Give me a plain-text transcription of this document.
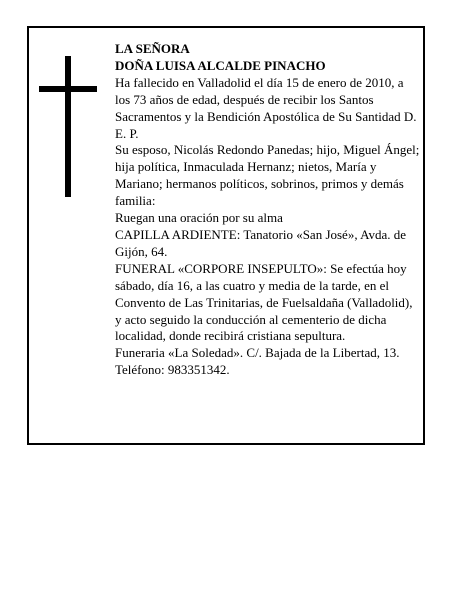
LA SEÑORA

DOÑA LUISA ALCALDE PINACHO

Ha fallecido en Valladolid el día 15 de enero de 2010, a los 73 años de edad, después de recibir los Santos Sacramentos y la Bendición Apostólica de Su Santidad D. E. P.

Su esposo, Nicolás Redondo Panedas; hijo, Miguel Ángel; hija política, Inmaculada Hernanz; nietos, María y Mariano; hermanos políticos, sobrinos, primos y demás familia:

Ruegan una oración por su alma

CAPILLA ARDIENTE: Tanatorio «San José», Avda. de Gijón, 64.

FUNERAL «CORPORE INSEPULTO»: Se efectúa hoy sábado, día 16, a las cuatro y media de la tarde, en el Convento de Las Trinitarias, de Fuelsaldaña (Valladolid), y acto seguido la conducción al cementerio de dicha localidad, donde recibirá cristiana sepultura.

Funeraria «La Soledad». C/. Bajada de la Libertad, 13. Teléfono: 983351342.
